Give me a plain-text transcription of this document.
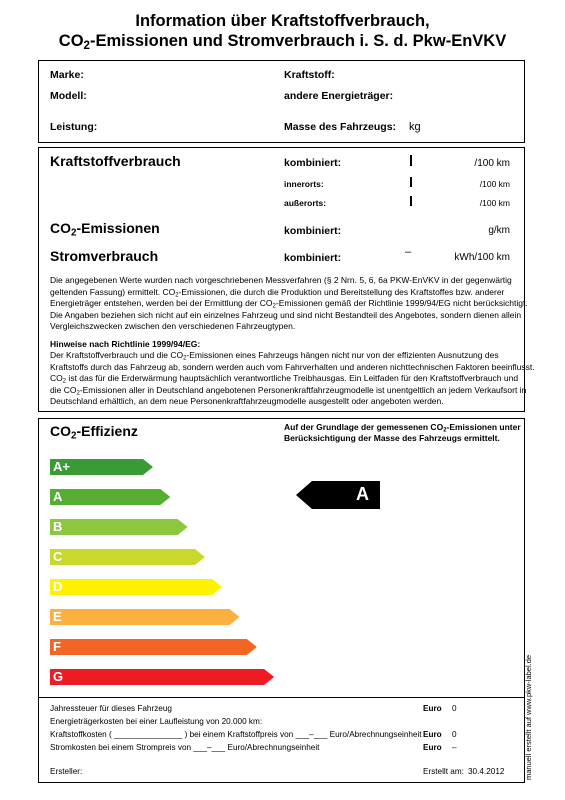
Information über Kraftstoffverbrauch,
$CO_2$-Emissionen und Stromverbrauch i. S. d. Pkw-EnVKV
Marke:
Modell:
Leistung:
Kraftstoff:
andere Energieträger:
Masse des Fahrzeugs: kg
Kraftstoffverbrauch	kombiniert:	/100 km
innerorts:	/100 km
außerorts:	/100 km
$CO_2$-Emissionen	kombiniert:	g/km
Stromverbrauch	kombiniert:	–	kWh/100 km
Die angegebenen Werte wurden nach vorgeschriebenen Messverfahren (§ 2 Nrn. 5, 6, 6a PKW-EnVKV in der gegenwärtig
geltenden Fassung) ermittelt. $CO_2$-Emissionen, die durch die Produktion und Bereitstellung des Kraftstoffes bzw. anderer
Energieträger entstehen, werden bei der Ermittlung der $CO_2$-Emissionen gemäß der Richtlinie 1999/94/EG nicht berücksichtigt.
Die Angaben beziehen sich nicht auf ein einzelnes Fahrzeug und sind nicht Bestandteil des Angebotes, sondern dienen allein
Vergleichszwecken zwischen den verschiedenen Fahrzeugtypen.
Hinweise nach Richtlinie 1999/94/EG:
Der Kraftstoffverbrauch und die $CO_2$-Emissionen eines Fahrzeugs hängen nicht nur von der effizienten Ausnutzung des
Kraftstoffs durch das Fahrzeug ab, sondern werden auch vom Fahrverhalten und anderen nichttechnischen Faktoren beeinflusst.
$CO_2$ ist das für die Erderwärmung hauptsächlich verantwortliche Treibhausgas. Ein Leitfaden für den Kraftstoffverbrauch und
die $CO_2$-Emissionen aller in Deutschland angebotenen Personenkraftfahrzeugmodelle ist unentgeltlich an jedem Verkaufsort in
Deutschland erhältlich, an dem neue Personenkraftfahrzeugmodelle ausgestellt oder angeboten werden.
$CO_2$-Effizienz	Auf der Grundlage der gemessenen $CO_2$-Emissionen unter
Berücksichtigung der Masse des Fahrzeugs ermittelt.
A+
A
B
C
D
E
F
G
A
Jahressteuer für dieses Fahrzeug	Euro 0
Energieträgerkosten bei einer Laufleistung von 20.000 km:
Kraftstoffkosten ( _______________ ) bei einem Kraftstoffpreis von ___–___ Euro/Abrechnungseinheit Euro 0
Stromkosten bei einem Strompreis von ___–___ Euro/Abrechnungseinheit	Euro –
Ersteller:	Erstellt am: 30.4.2012	manuell erstellt auf www.pkw-label.de
